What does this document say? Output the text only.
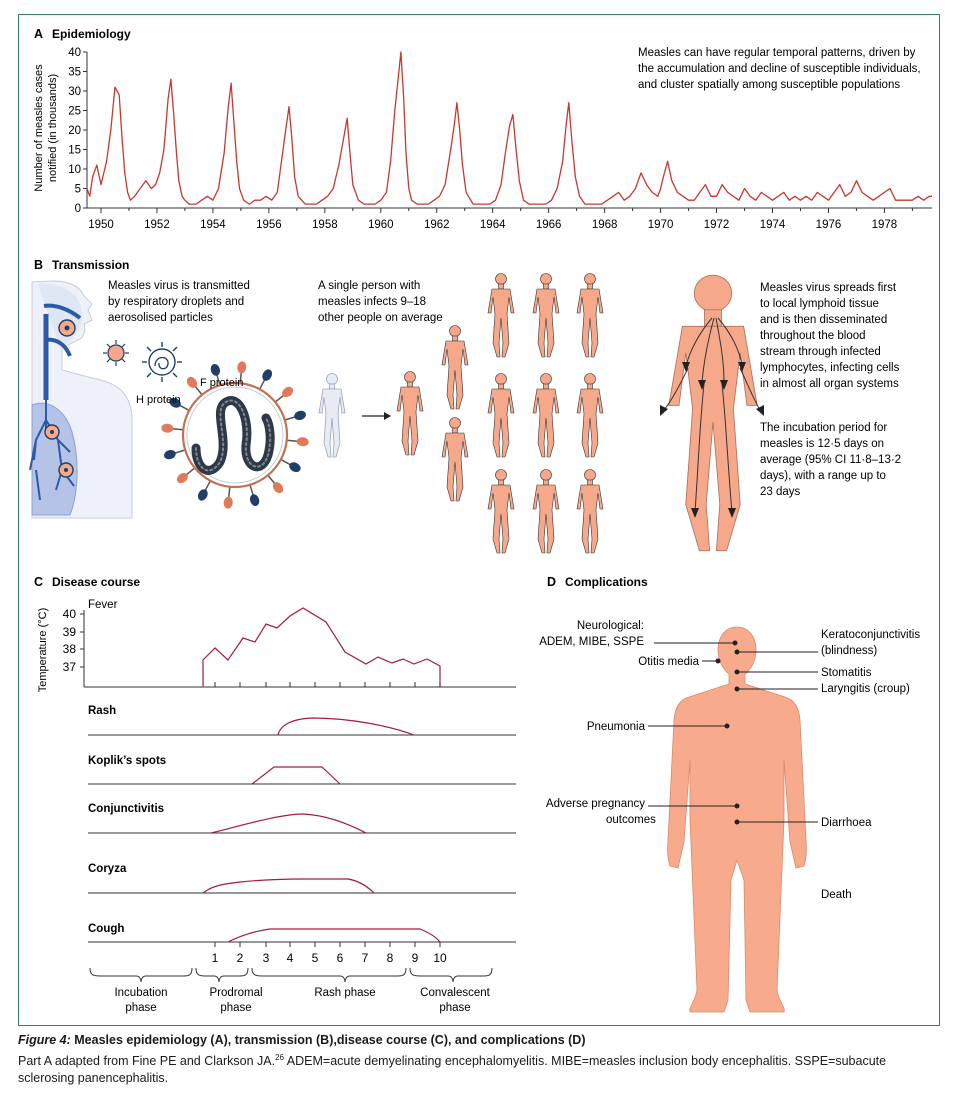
A Epidemiology
Measles can have regular temporal patterns, driven by
the accumulation and decline of susceptible individuals,
and cluster spatially among susceptible populations
Number of measles cases notified (in thousands)
0
5
10
15
20
25
30
35
40
1950	1952	1954	1956	1958	1960	1962	1964	1966	1968	1970	1972	1974	1976	1978
B Transmission
F protein
H protein
Measles virus is transmitted
by respiratory droplets and
aerosolised particles
A single person with
measles infects 9–18
other people on average
Measles virus spreads first
to local lymphoid tissue
and is then disseminated
throughout the blood
stream through infected
lymphocytes, infecting cells
in almost all organ systems
The incubation period for
measles is 12·5 days on
average (95% CI 11·8–13·2
days), with a range up to
23 days
C Disease course
Temperature (°C)
Fever
40
39
38
37
Rash
Koplik’s spots
Conjunctivitis
Coryza
Cough
1 2 3 4 5 6 7 8 9 10
Incubation
phase
Prodromal
phase
Rash phase	Convalescent
phase
D Complications
Neurological:
ADEM, MIBE, SSPE
Otitis media
Pneumonia
Adverse pregnancy
outcomes
Keratoconjunctivitis
(blindness)
Stomatitis
Laryngitis (croup)
Diarrhoea
Death
Figure 4: Measles epidemiology (A), transmission (B),disease course (C), and complications (D)
Part A adapted from Fine PE and Clarkson JA.$^{26}$ ADEM=acute demyelinating encephalomyelitis. MIBE=measles inclusion body encephalitis. SSPE=subacute sclerosing panencephalitis.
